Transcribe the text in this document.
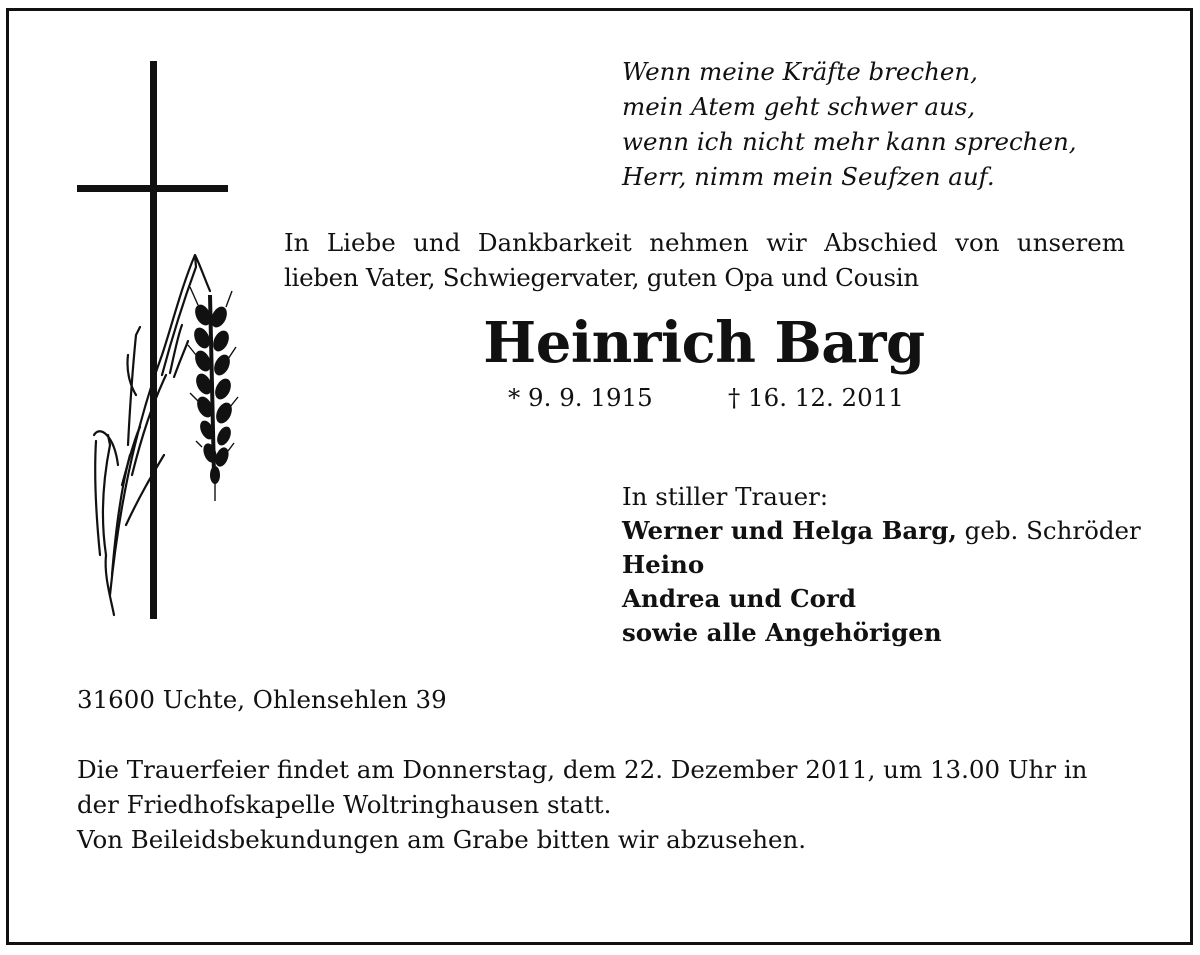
Wenn meine Kräfte brechen,
mein Atem geht schwer aus,
wenn ich nicht mehr kann sprechen,
Herr, nimm mein Seufzen auf.
In Liebe und Dankbarkeit nehmen wir Abschied von unserem
lieben Vater, Schwiegervater, guten Opa und Cousin
Heinrich Barg
* 9. 9. 1915	† 16. 12. 2011
In stiller Trauer:
Werner und Helga Barg, geb. Schröder
Heino
Andrea und Cord
sowie alle Angehörigen
31600 Uchte, Ohlensehlen 39
Die Trauerfeier findet am Donnerstag, dem 22. Dezember 2011, um 13.00 Uhr in
der Friedhofskapelle Woltringhausen statt.
Von Beileidsbekundungen am Grabe bitten wir abzusehen.
